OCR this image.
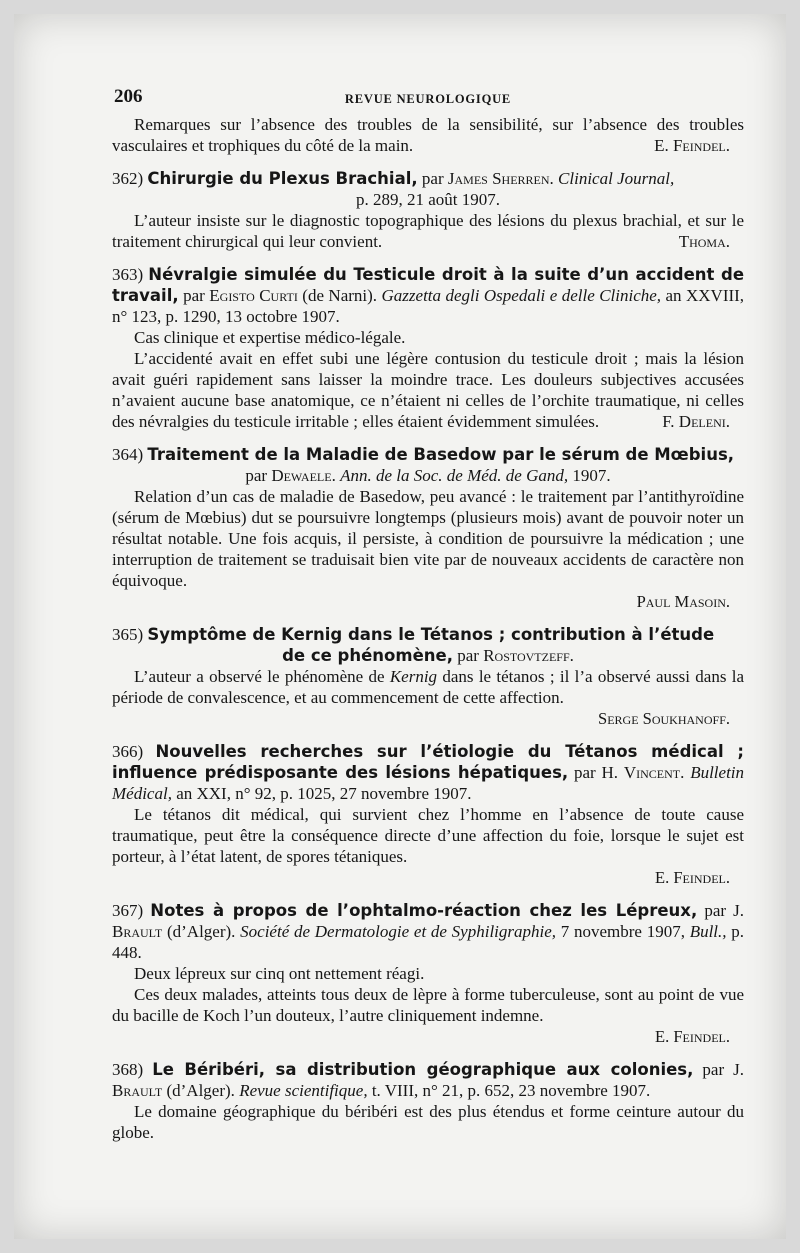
206	REVUE NEUROLOGIQUE

Remarques sur l’absence des troubles de la sensibilité, sur l’absence des troubles vasculaires et trophiques du côté de la main.	E. Feindel.

362) Chirurgie du Plexus Brachial, par James Sherren. Clinical Journal,
p. 289, 21 août 1907.

L’auteur insiste sur le diagnostic topographique des lésions du plexus brachial, et sur le traitement chirurgical qui leur convient.	Thoma.

363) Névralgie simulée du Testicule droit à la suite d’un accident de travail, par Egisto Curti (de Narni). Gazzetta degli Ospedali e delle Cliniche, an XXVIII, n° 123, p. 1290, 13 octobre 1907.

Cas clinique et expertise médico-légale.

L’accidenté avait en effet subi une légère contusion du testicule droit ; mais la lésion avait guéri rapidement sans laisser la moindre trace. Les douleurs subjectives accusées n’avaient aucune base anatomique, ce n’étaient ni celles de l’orchite traumatique, ni celles des névralgies du testicule irritable ; elles étaient évidemment simulées.	F. Deleni.

364) Traitement de la Maladie de Basedow par le sérum de Mœbius,
par Dewaele. Ann. de la Soc. de Méd. de Gand, 1907.

Relation d’un cas de maladie de Basedow, peu avancé : le traitement par l’antithyroïdine (sérum de Mœbius) dut se poursuivre longtemps (plusieurs mois) avant de pouvoir noter un résultat notable. Une fois acquis, il persiste, à condition de poursuivre la médication ; une interruption de traitement se traduisait bien vite par de nouveaux accidents de caractère non équivoque.

Paul Masoin.

365) Symptôme de Kernig dans le Tétanos ; contribution à l’étude
de ce phénomène, par Rostovtzeff.

L’auteur a observé le phénomène de Kernig dans le tétanos ; il l’a observé aussi dans la période de convalescence, et au commencement de cette affection.

Serge Soukhanoff.

366) Nouvelles recherches sur l’étiologie du Tétanos médical ; influence prédisposante des lésions hépatiques, par H. Vincent. Bulletin Médical, an XXI, n° 92, p. 1025, 27 novembre 1907.

Le tétanos dit médical, qui survient chez l’homme en l’absence de toute cause traumatique, peut être la conséquence directe d’une affection du foie, lorsque le sujet est porteur, à l’état latent, de spores tétaniques.

E. Feindel.

367) Notes à propos de l’ophtalmo-réaction chez les Lépreux, par J. Brault (d’Alger). Société de Dermatologie et de Syphiligraphie, 7 novembre 1907, Bull., p. 448.

Deux lépreux sur cinq ont nettement réagi.

Ces deux malades, atteints tous deux de lèpre à forme tuberculeuse, sont au point de vue du bacille de Koch l’un douteux, l’autre cliniquement indemne.

E. Feindel.

368) Le Béribéri, sa distribution géographique aux colonies, par J. Brault (d’Alger). Revue scientifique, t. VIII, n° 21, p. 652, 23 novembre 1907.

Le domaine géographique du béribéri est des plus étendus et forme ceinture autour du globe.
